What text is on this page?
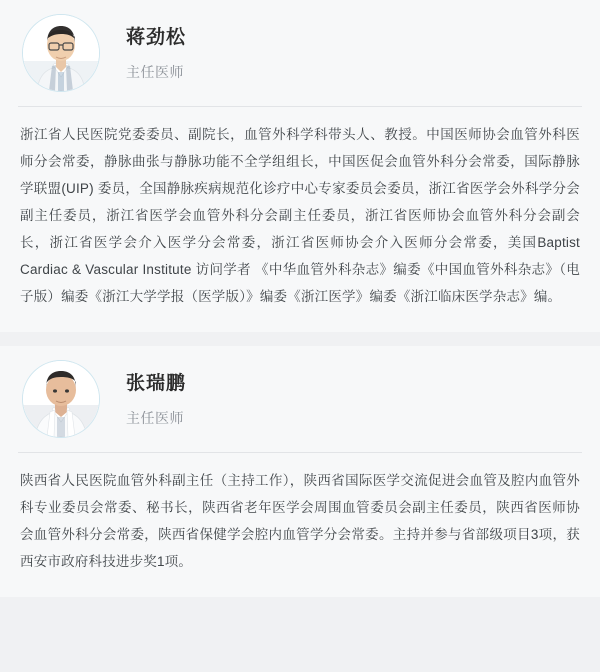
蒋劲松
主任医师
浙江省人民医院党委委员、副院长，血管外科学科带头人、教授。中国医师协会血管外科医师分会常委，静脉曲张与静脉功能不全学组组长，中国医促会血管外科分会常委，国际静脉学联盟(UIP) 委员，全国静脉疾病规范化诊疗中心专家委员会委员，浙江省医学会外科学分会副主任委员，浙江省医学会血管外科分会副主任委员，浙江省医师协会血管外科分会副会长，浙江省医学会介入医学分会常委，浙江省医师协会介入医师分会常委，美国Baptist Cardiac & Vascular Institute 访问学者 《中华血管外科杂志》编委《中国血管外科杂志》（电子版）编委《浙江大学学报（医学版）》编委《浙江医学》编委《浙江临床医学杂志》编。
张瑞鹏
主任医师
陕西省人民医院血管外科副主任（主持工作），陕西省国际医学交流促进会血管及腔内血管外科专业委员会常委、秘书长，陕西省老年医学会周围血管委员会副主任委员，陕西省医师协会血管外科分会常委，陕西省保健学会腔内血管学分会常委。主持并参与省部级项目3项，获西安市政府科技进步奖1项。
